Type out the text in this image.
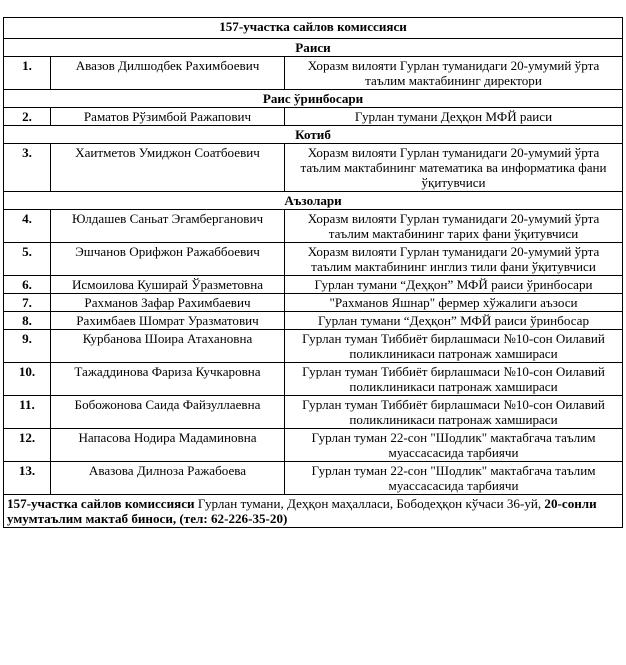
157-участка сайлов комиссияси		
Раиси		
1.	Авазов Дилшодбек Рахимбоевич	Хоразм вилояти Гурлан туманидаги 20-умумий ўрта таълим мактабининг директори
Раис ўринбосари		
2.	Раматов Рўзимбой Ражапович	Гурлан тумани Деҳқон МФЙ раиси
Котиб		
3.	Хаитметов Умиджон Соатбоевич	Хоразм вилояти Гурлан туманидаги 20-умумий ўрта таълим мактабининг математика ва информатика фани ўқитувчиси
Аъзолари		
4.	Юлдашев Саньат Эгамберганович	Хоразм вилояти Гурлан туманидаги 20-умумий ўрта таълим мактабининг тарих фани ўқитувчиси
5.	Эшчанов Орифжон Ражаббоевич	Хоразм вилояти Гурлан туманидаги 20-умумий ўрта таълим мактабининг инглиз тили фани ўқитувчиси
6.	Исмоилова Куширай Ўразметовна	Гурлан тумани “Деҳқон” МФЙ раиси ўринбосари
7.	Рахманов Зафар Рахимбаевич	"Рахманов Яшнар" фермер хўжалиги аъзоси
8.	Рахимбаев Шомрат Уразматович	Гурлан тумани “Деҳқон” МФЙ раиси ўринбосар
9.	Курбанова Шоира Атахановна	Гурлан туман Тиббиёт бирлашмаси №10-сон Оилавий поликлиникаси патронаж хамшираси
10.	Тажаддинова Фариза Кучкаровна	Гурлан туман Тиббиёт бирлашмаси №10-сон Оилавий поликлиникаси патронаж хамшираси
11.	Бобожонова Саида Файзуллаевна	Гурлан туман Тиббиёт бирлашмаси №10-сон Оилавий поликлиникаси патронаж хамшираси
12.	Напасова Нодира Мадаминовна	Гурлан туман 22-сон "Шодлик" мактабгача таълим муассасасида тарбиячи
13.	Авазова Дилноза Ражабоева	Гурлан туман 22-сон "Шодлик" мактабгача таълим муассасасида тарбиячи
157-участка сайлов комиссияси Гурлан тумани, Деҳқон маҳалласи, Бободеҳқон кўчаси 36-уй, 20-сонли умумтаълим мактаб биноси, (тел: 62-226-35-20)		
